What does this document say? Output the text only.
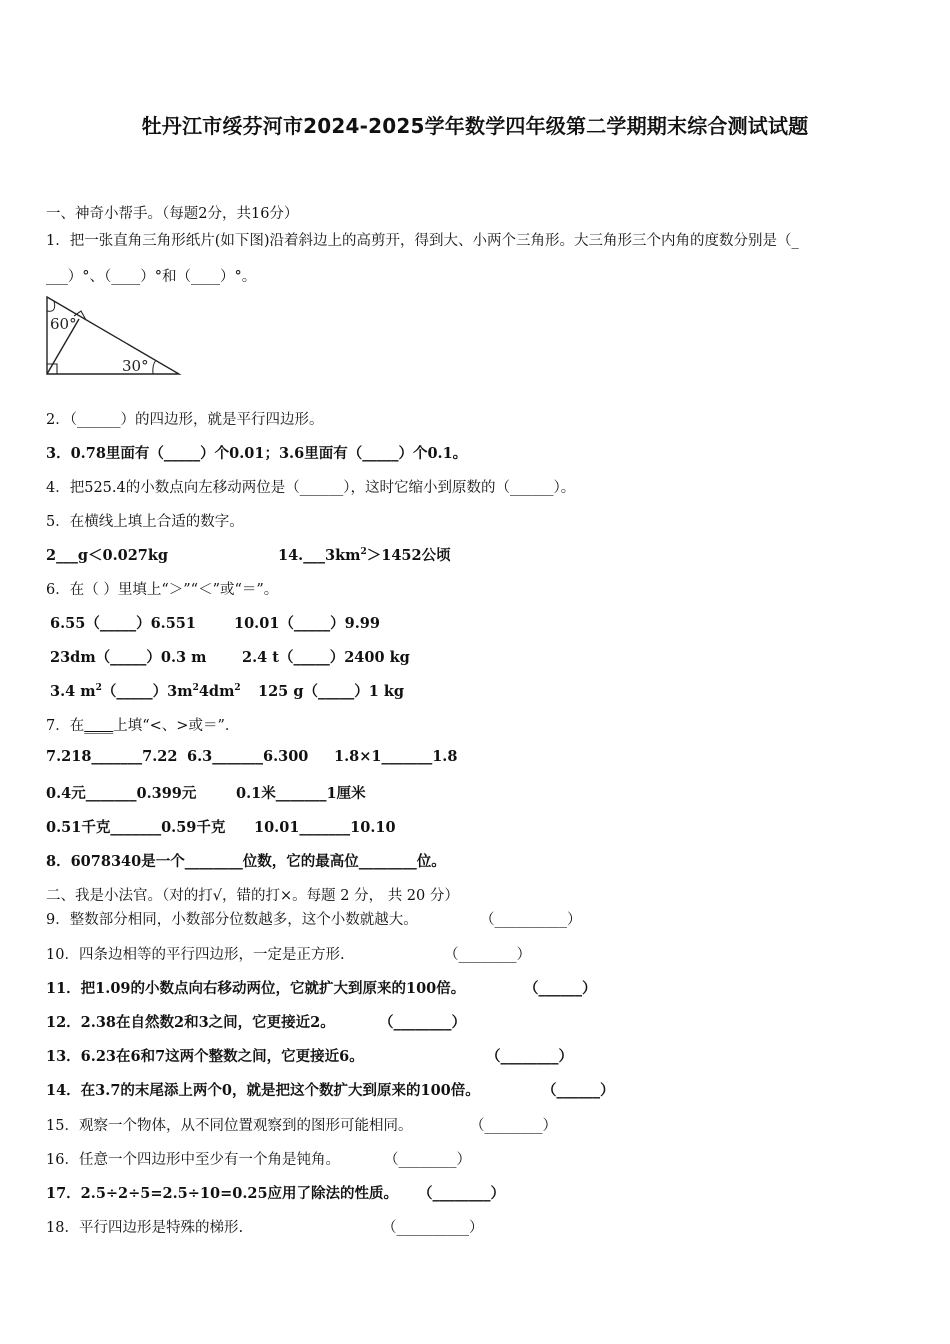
牡丹江市绥芬河市2024-2025学年数学四年级第二学期期末综合测试试题
一、神奇小帮手。（每题2分，共16分）
1．把一张直角三角形纸片(如下图)沿着斜边上的高剪开，得到大、小两个三角形。大三角形三个内角的度数分别是（_
___）°、（____）°和（____）°。
60°
30°
2．（______）的四边形，就是平行四边形。
3．0.78里面有（_____）个0.01；3.6里面有（_____）个0.1。
4．把525.4的小数点向左移动两位是（______），这时它缩小到原数的（______）。
5．在横线上填上合适的数字。
2___g＜0.027kg	$14.\_\_\_3km^2>1452$公顷
6．在（ ）里填上“＞”“＜”或“＝”。
6.55（_____）6.551	10.01（_____）9.99
23dm（_____）0.3 m 2.4 t（_____）2400 kg
3.4 $m^2(\_\_\_\_\_)3m^24dm^2$ 125 g（_____）1 kg
7．在____上填“<、>或＝”．
7.218_______7.22 6.3_______6.300 1.8×1_______1.8
0.4元_______0.399元	0.1米_______1厘米
0.51千克_______0.59千克 10.01_______10.10
8．6078340是一个________位数，它的最高位________位。
二、我是小法官。（对的打√，错的打×。每题 2 分， 共 20 分）
9．整数部分相同，小数部分位数越多，这个小数就越大。	（__________）
10．四条边相等的平行四边形，一定是正方形.	（________）
11．把1.09的小数点向右移动两位，它就扩大到原来的100倍。	（______）
12．2.38在自然数2和3之间，它更接近2。	（________）
13．6.23在6和7这两个整数之间，它更接近6。	（________）
14．在3.7的末尾添上两个0，就是把这个数扩大到原来的100倍。	（______）
15．观察一个物体，从不同位置观察到的图形可能相同。	（________）
16．任意一个四边形中至少有一个角是钝角。	（________）
17．2.5÷2÷5=2.5÷10=0.25应用了除法的性质。 （________）
18．平行四边形是特殊的梯形.	（__________）
